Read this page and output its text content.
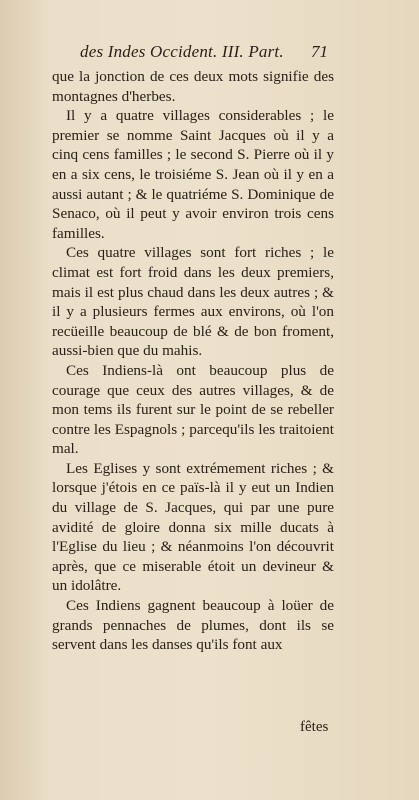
des Indes Occident. III. Part. 71

que la jonction de ces deux mots signifie des montagnes d'herbes.

Il y a quatre villages considerables ; le premier se nomme Saint Jacques où il y a cinq cens familles ; le second S. Pierre où il y en a six cens, le troisiéme S. Jean où il y en a aussi autant ; & le quatriéme S. Dominique de Senaco, où il peut y avoir environ trois cens familles.

Ces quatre villages sont fort riches ; le climat est fort froid dans les deux premiers, mais il est plus chaud dans les deux autres ; & il y a plusieurs fermes aux environs, où l'on recüeille beaucoup de blé & de bon froment, aussi-bien que du mahis.

Ces Indiens-là ont beaucoup plus de courage que ceux des autres villages, & de mon tems ils furent sur le point de se rebeller contre les Espagnols ; parcequ'ils les traitoient mal.

Les Eglises y sont extrémement riches ; & lorsque j'étois en ce païs-là il y eut un Indien du village de S. Jacques, qui par une pure avidité de gloire donna six mille ducats à l'Eglise du lieu ; & néanmoins l'on découvrit après, que ce miserable étoit un devineur & un idolâtre.

Ces Indiens gagnent beaucoup à loüer de grands pennaches de plumes, dont ils se servent dans les danses qu'ils font aux

fêtes
